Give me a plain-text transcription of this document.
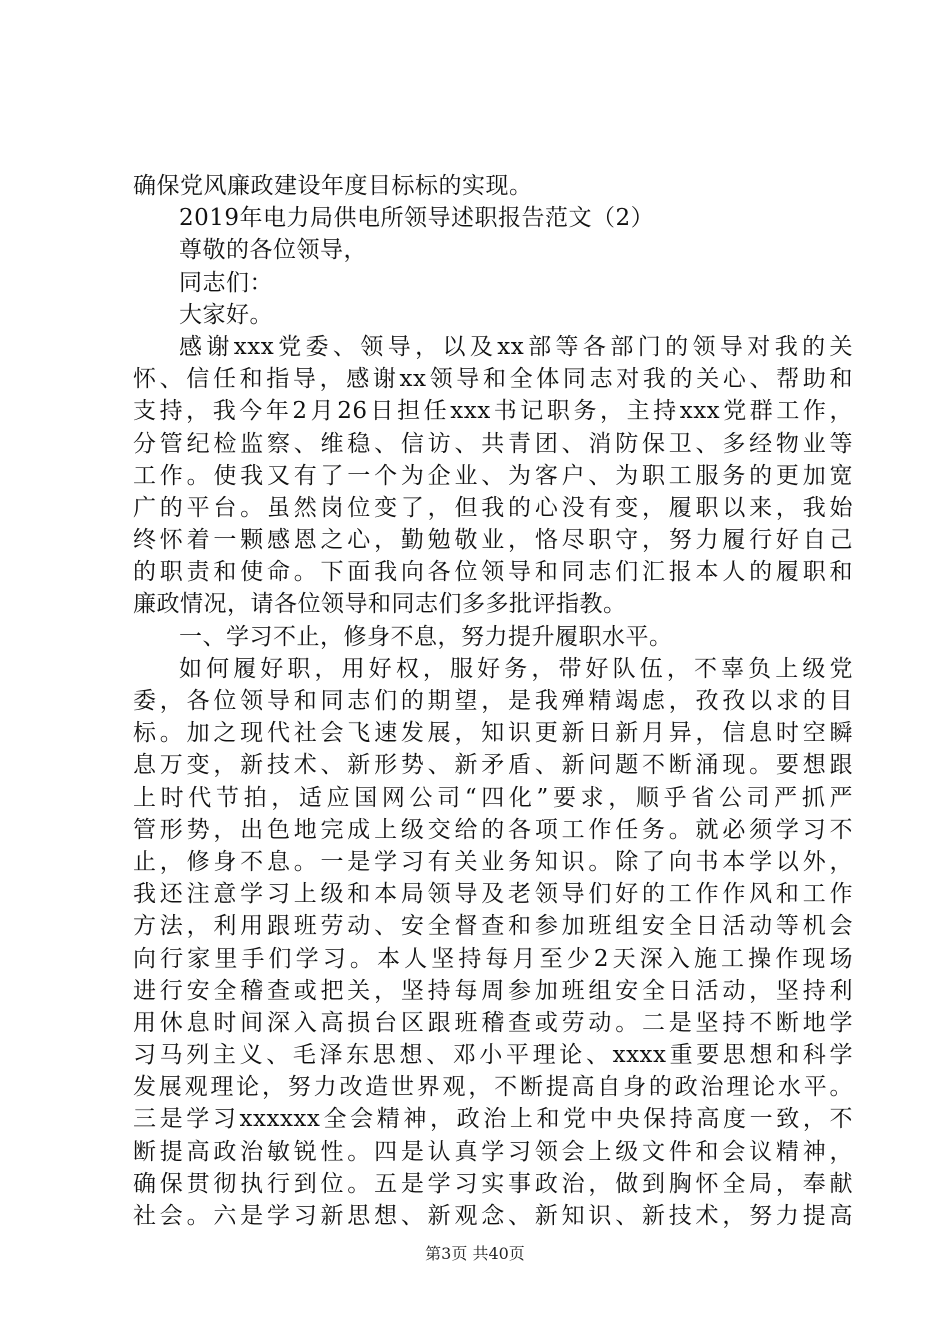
确保党风廉政建设年度目标标的实现。
2019年电力局供电所领导述职报告范文（2）
尊敬的各位领导，
同志们：
大家好。
感谢xxx党委、领导，以及xx部等各部门的领导对我的关
怀、信任和指导，感谢xx领导和全体同志对我的关心、帮助和
支持，我今年2月26日担任xxx书记职务，主持xxx党群工作，
分管纪检监察、维稳、信访、共青团、消防保卫、多经物业等
工作。使我又有了一个为企业、为客户、为职工服务的更加宽
广的平台。虽然岗位变了，但我的心没有变，履职以来，我始
终怀着一颗感恩之心，勤勉敬业，恪尽职守，努力履行好自己
的职责和使命。下面我向各位领导和同志们汇报本人的履职和
廉政情况，请各位领导和同志们多多批评指教。
一、学习不止，修身不息，努力提升履职水平。
如何履好职，用好权，服好务，带好队伍，不辜负上级党
委，各位领导和同志们的期望，是我殚精竭虑，孜孜以求的目
标。加之现代社会飞速发展，知识更新日新月异，信息时空瞬
息万变，新技术、新形势、新矛盾、新问题不断涌现。要想跟
上时代节拍，适应国网公司“四化”要求，顺乎省公司严抓严
管形势，出色地完成上级交给的各项工作任务。就必须学习不
止，修身不息。一是学习有关业务知识。除了向书本学以外，
我还注意学习上级和本局领导及老领导们好的工作作风和工作
方法，利用跟班劳动、安全督查和参加班组安全日活动等机会
向行家里手们学习。本人坚持每月至少2天深入施工操作现场
进行安全稽查或把关，坚持每周参加班组安全日活动，坚持利
用休息时间深入高损台区跟班稽查或劳动。二是坚持不断地学
习马列主义、毛泽东思想、邓小平理论、xxxx重要思想和科学
发展观理论，努力改造世界观，不断提高自身的政治理论水平。
三是学习xxxxxx全会精神，政治上和党中央保持高度一致，不
断提高政治敏锐性。四是认真学习领会上级文件和会议精神，
确保贯彻执行到位。五是学习实事政治，做到胸怀全局，奉献
社会。六是学习新思想、新观念、新知识、新技术，努力提高
第3页 共40页
